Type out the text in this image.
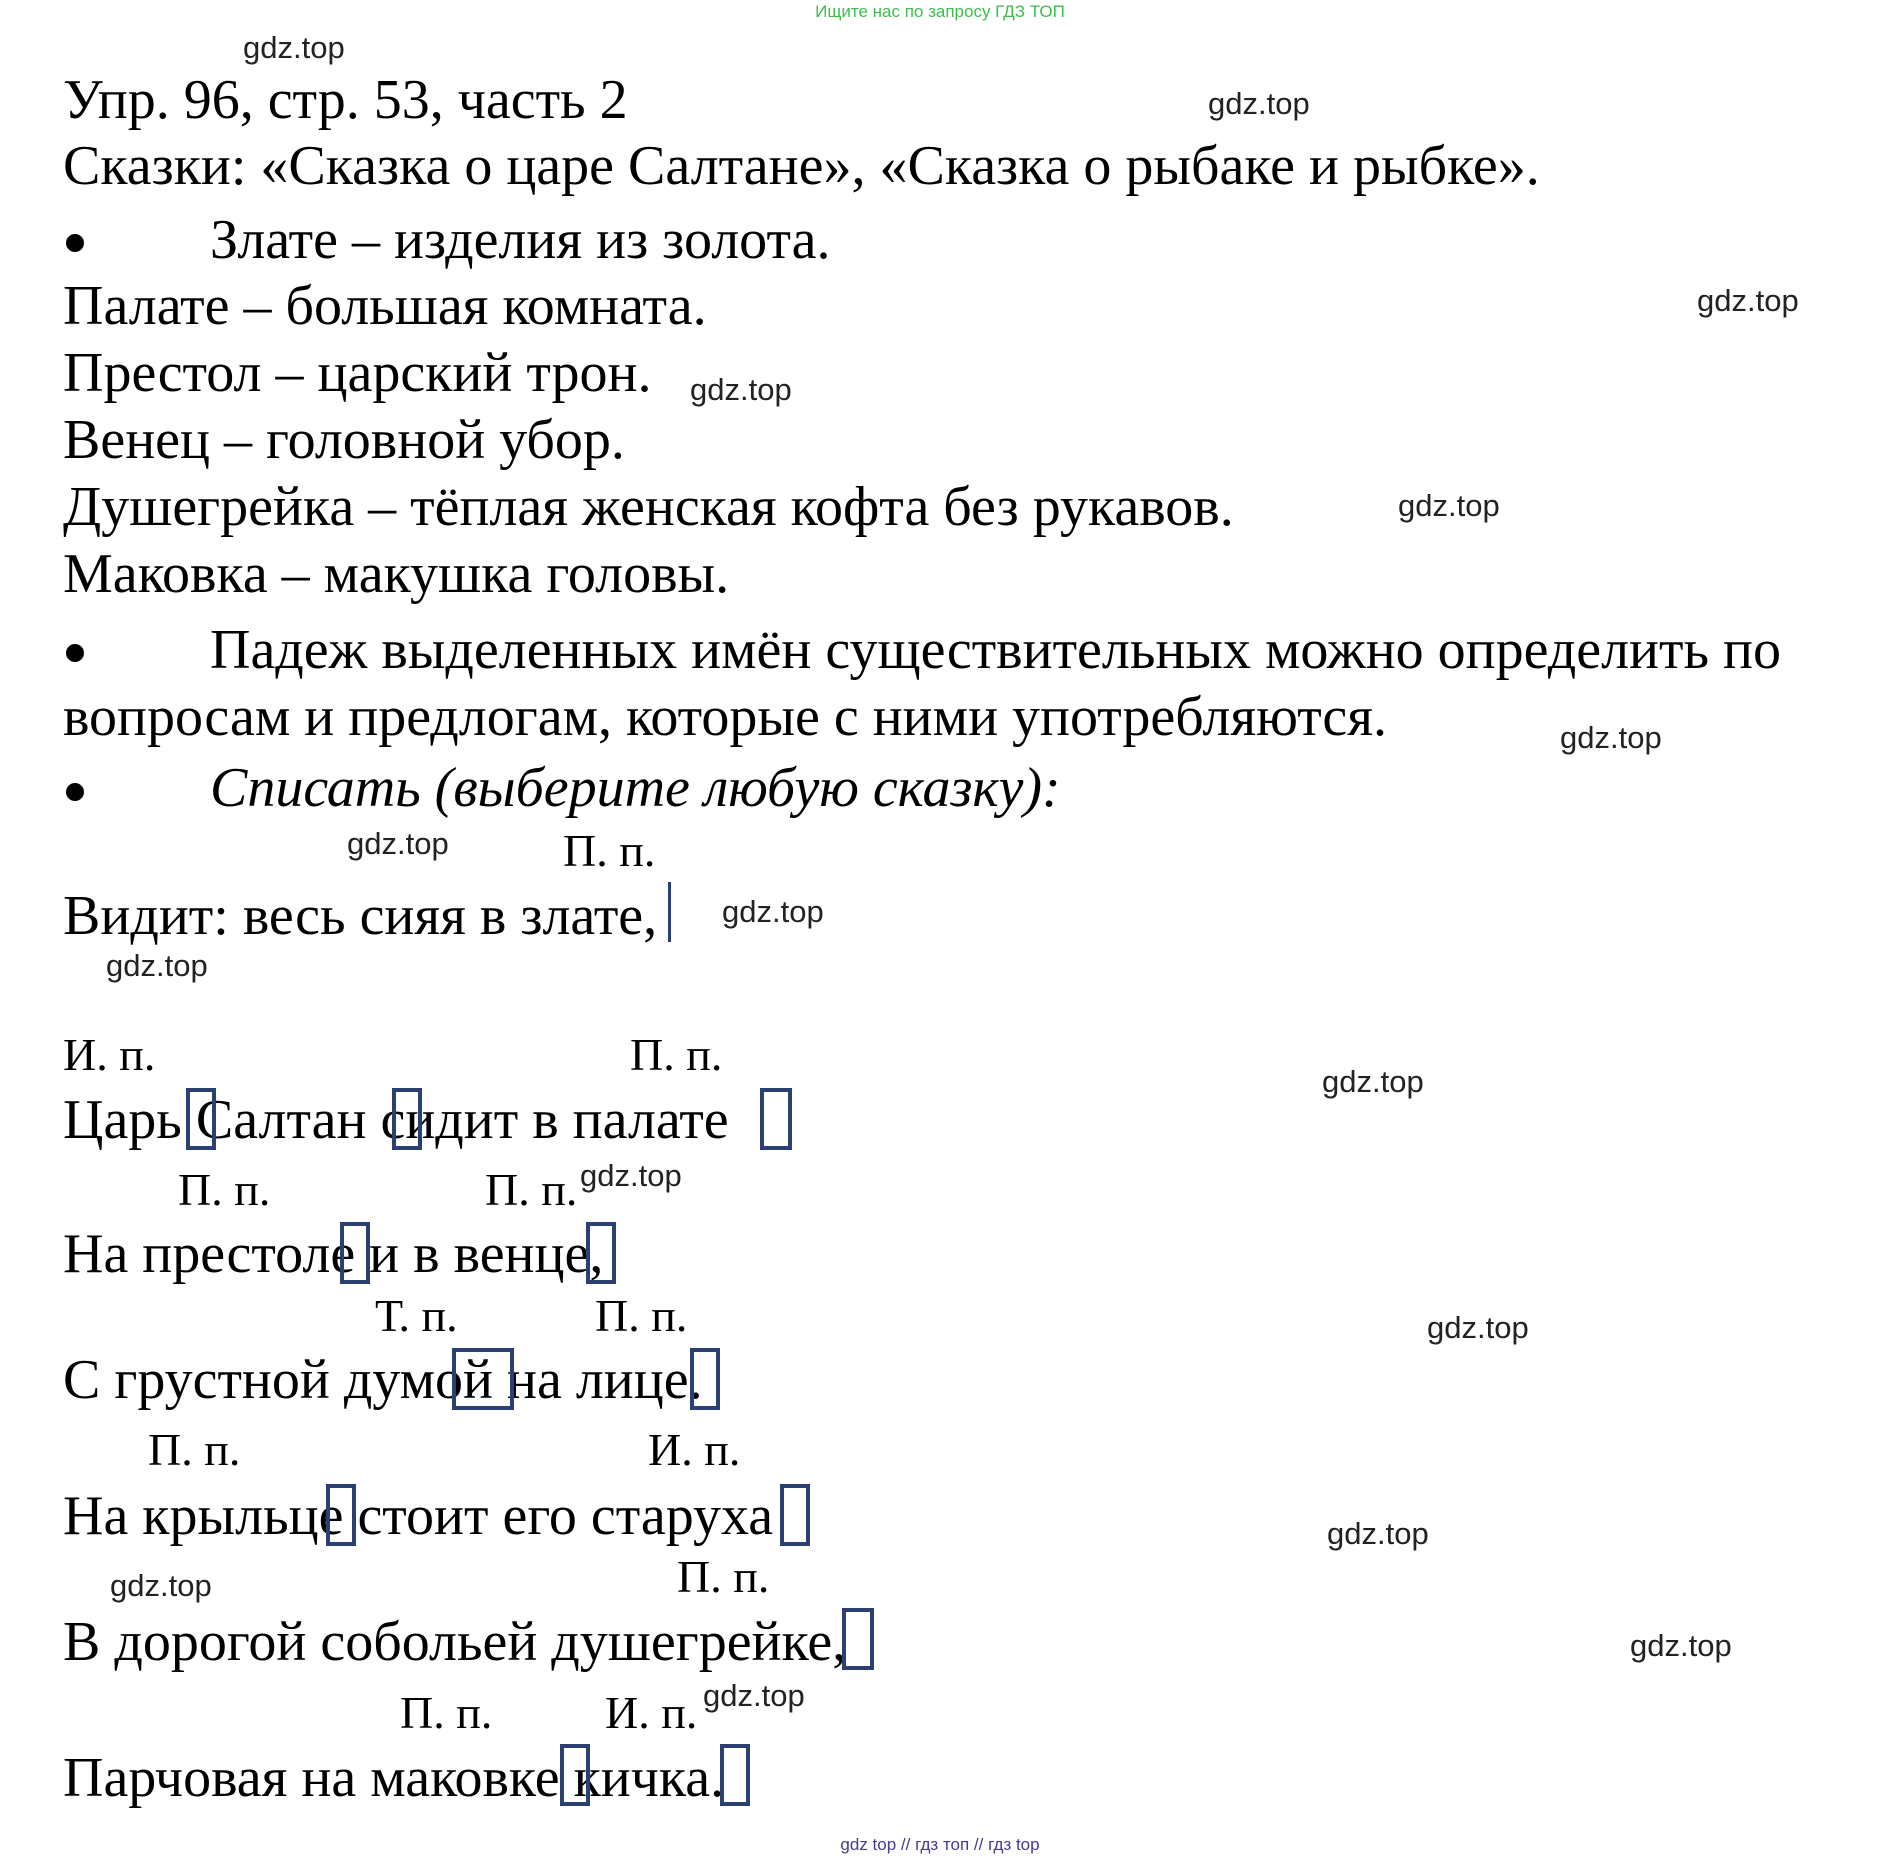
Ищите нас по запросу ГДЗ ТОП
Упр. 96, стр. 53, часть 2
Сказки: «Сказка о царе Салтане», «Сказка о рыбаке и рыбке».
Злате – изделия из золота.
Палате – большая комната.
Престол – царский трон.
Венец – головной убор.
Душегрейка – тёплая женская кофта без рукавов.
Маковка – макушка головы.
Падеж выделенных имён существительных можно определить по
вопросам и предлогам, которые с ними употребляются.
Списать (выберите любую сказку):
П. п.
Видит: весь сияя в злате,
И. п.	П. п.
Царь Салтан сидит в палате
П. п.	П. п.
На престоле и в венце,
Т. п.	П. п.
С грустной думой на лице.
П. п.	И. п.
На крыльце стоит его старуха
П. п.
В дорогой собольей душегрейке,
П. п. И. п.
Парчовая на маковке кичка.
gdz.top
gdz.top
gdz.top
gdz.top
gdz.top
gdz.top
gdz.top
gdz.top
gdz.top
gdz.top
gdz.top
gdz.top
gdz.top
gdz.top
gdz.top
gdz.top
gdz top // гдз топ // гдз top
